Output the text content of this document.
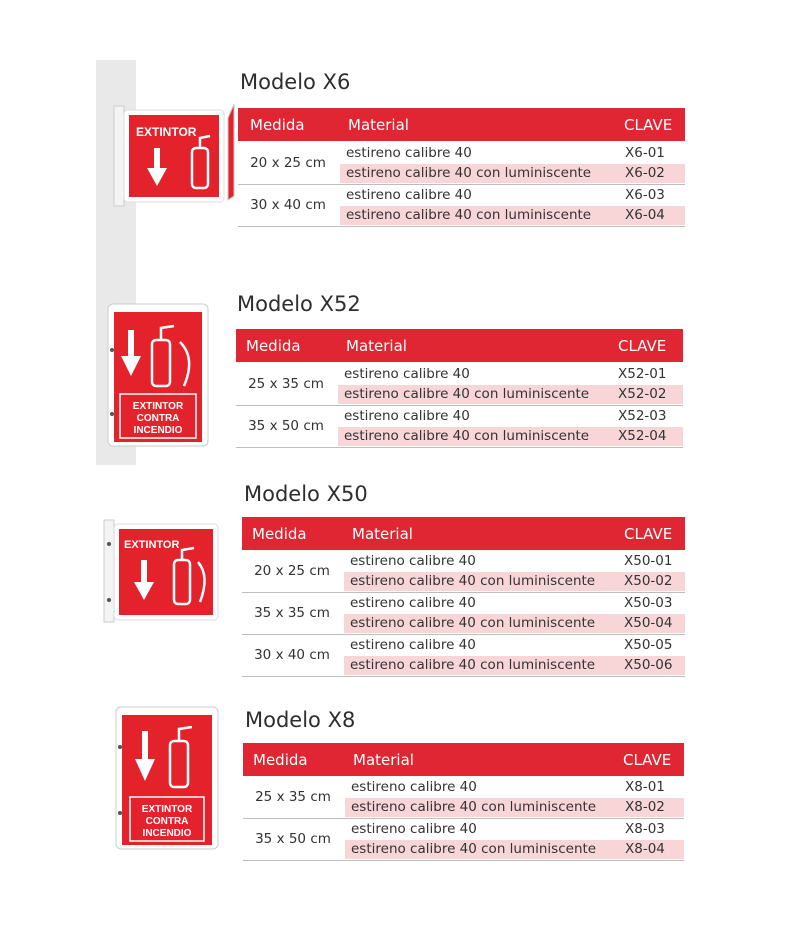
EXTINTOR
Modelo X6
Medida	Material	CLAVE
20 x 25 cm
estireno calibre 40	X6-01
estireno calibre 40 con luminiscente	X6-02
30 x 40 cm
estireno calibre 40	X6-03
estireno calibre 40 con luminiscente	X6-04
EXTINTOR
CONTRA
INCENDIO
Modelo X52
Medida	Material	CLAVE
25 x 35 cm
estireno calibre 40	X52-01
estireno calibre 40 con luminiscente X52-02
35 x 50 cm
estireno calibre 40	X52-03
estireno calibre 40 con luminiscente X52-04
EXTINTOR
Modelo X50
Medida	Material	CLAVE
20 x 25 cm
estireno calibre 40	X50-01
estireno calibre 40 con luminiscente X50-02
35 x 35 cm
estireno calibre 40	X50-03
estireno calibre 40 con luminiscente X50-04
30 x 40 cm
estireno calibre 40	X50-05
estireno calibre 40 con luminiscente X50-06
EXTINTOR
CONTRA
INCENDIO
Modelo X8
Medida	Material	CLAVE
25 x 35 cm
estireno calibre 40	X8-01
estireno calibre 40 con luminiscente X8-02
35 x 50 cm
estireno calibre 40	X8-03
estireno calibre 40 con luminiscente X8-04
